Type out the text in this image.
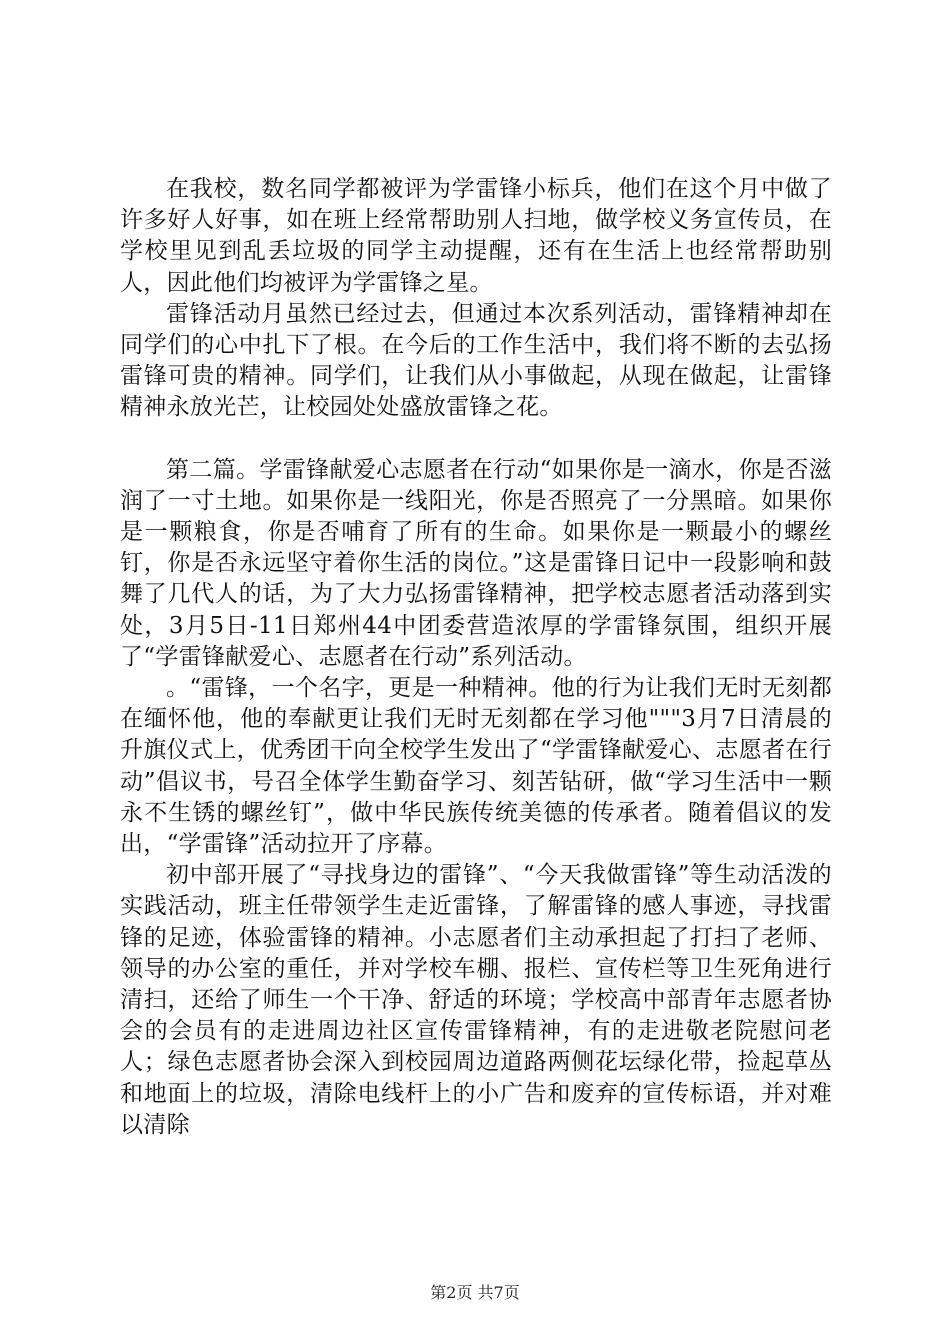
在我校，数名同学都被评为学雷锋小标兵，他们在这个月中做了许多好人好事，如在班上经常帮助别人扫地，做学校义务宣传员，在学校里见到乱丢垃圾的同学主动提醒，还有在生活上也经常帮助别人，因此他们均被评为学雷锋之星。

雷锋活动月虽然已经过去，但通过本次系列活动，雷锋精神却在同学们的心中扎下了根。在今后的工作生活中，我们将不断的去弘扬雷锋可贵的精神。同学们，让我们从小事做起，从现在做起，让雷锋精神永放光芒，让校园处处盛放雷锋之花。

第二篇。学雷锋献爱心志愿者在行动“如果你是一滴水，你是否滋润了一寸土地。如果你是一线阳光，你是否照亮了一分黑暗。如果你是一颗粮食，你是否哺育了所有的生命。如果你是一颗最小的螺丝钉，你是否永远坚守着你生活的岗位。”这是雷锋日记中一段影响和鼓舞了几代人的话，为了大力弘扬雷锋精神，把学校志愿者活动落到实处，3月5日-11日郑州44中团委营造浓厚的学雷锋氛围，组织开展了“学雷锋献爱心、志愿者在行动”系列活动。

。“雷锋，一个名字，更是一种精神。他的行为让我们无时无刻都在缅怀他，他的奉献更让我们无时无刻都在学习他"""3月7日清晨的升旗仪式上，优秀团干向全校学生发出了“学雷锋献爱心、志愿者在行动”倡议书，号召全体学生勤奋学习、刻苦钻研，做“学习生活中一颗永不生锈的螺丝钉”，做中华民族传统美德的传承者。随着倡议的发出，“学雷锋”活动拉开了序幕。

初中部开展了“寻找身边的雷锋”、“今天我做雷锋”等生动活泼的实践活动，班主任带领学生走近雷锋，了解雷锋的感人事迹，寻找雷锋的足迹，体验雷锋的精神。小志愿者们主动承担起了打扫了老师、领导的办公室的重任，并对学校车棚、报栏、宣传栏等卫生死角进行清扫，还给了师生一个干净、舒适的环境；学校高中部青年志愿者协会的会员有的走进周边社区宣传雷锋精神，有的走进敬老院慰问老人；绿色志愿者协会深入到校园周边道路两侧花坛绿化带，捡起草丛和地面上的垃圾，清除电线杆上的小广告和废弃的宣传标语，并对难以清除

第2页 共7页
